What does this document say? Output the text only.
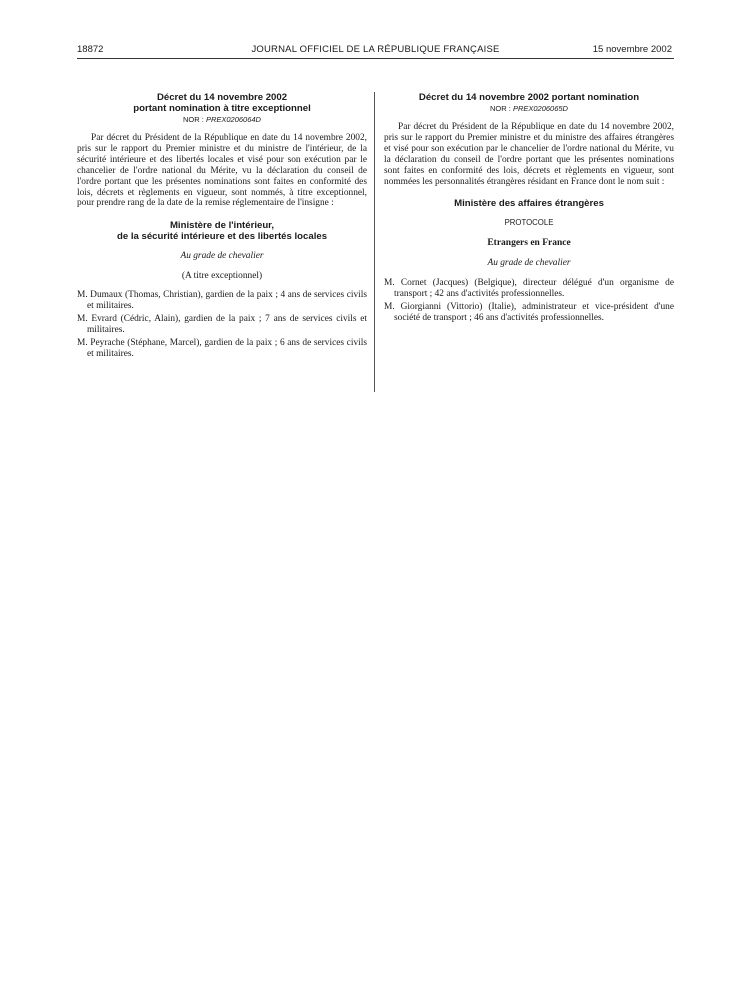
18872	JOURNAL OFFICIEL DE LA RÉPUBLIQUE FRANÇAISE	15 novembre 2002

Décret du 14 novembre 2002

portant nomination à titre exceptionnel

NOR : PREX0206064D

Par décret du Président de la République en date du 14 novembre 2002, pris sur le rapport du Premier ministre et du ministre de l'intérieur, de la sécurité intérieure et des libertés locales et visé pour son exécution par le chancelier de l'ordre national du Mérite, vu la déclaration du conseil de l'ordre portant que les présentes nominations sont faites en conformité des lois, décrets et règlements en vigueur, sont nommés, à titre exceptionnel, pour prendre rang de la date de la remise réglementaire de l'insigne :

Ministère de l'intérieur,
de la sécurité intérieure et des libertés locales

Au grade de chevalier

(A titre exceptionnel)

M. Dumaux (Thomas, Christian), gardien de la paix ; 4 ans de services civils et militaires.

M. Evrard (Cédric, Alain), gardien de la paix ; 7 ans de services civils et militaires.

M. Peyrache (Stéphane, Marcel), gardien de la paix ; 6 ans de services civils et militaires.

Décret du 14 novembre 2002 portant nomination

NOR : PREX0206065D

Par décret du Président de la République en date du 14 novembre 2002, pris sur le rapport du Premier ministre et du ministre des affaires étrangères et visé pour son exécution par le chancelier de l'ordre national du Mérite, vu la déclaration du conseil de l'ordre portant que les présentes nominations sont faites en conformité des lois, décrets et règlements en vigueur, sont nommées les personnalités étrangères résidant en France dont le nom suit :

Ministère des affaires étrangères

PROTOCOLE

Etrangers en France

Au grade de chevalier

M. Cornet (Jacques) (Belgique), directeur délégué d'un organisme de transport ; 42 ans d'activités professionnelles.

M. Giorgianni (Vittorio) (Italie), administrateur et vice-président d'une société de transport ; 46 ans d'activités professionnelles.
